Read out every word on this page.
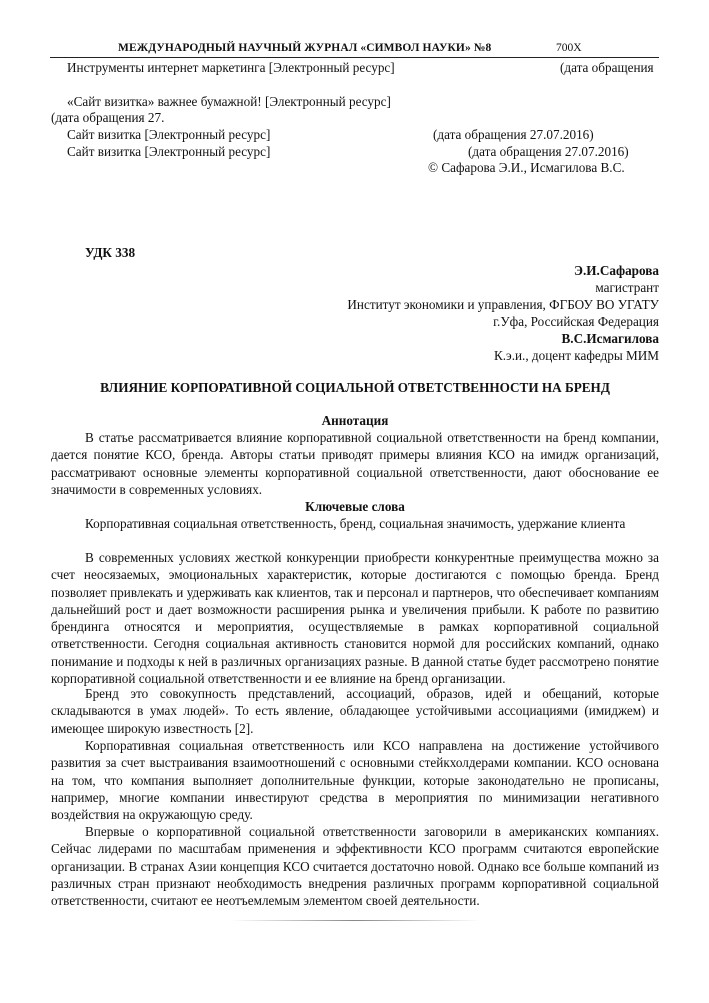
МЕЖДУНАРОДНЫЙ НАУЧНЫЙ ЖУРНАЛ «СИМВОЛ НАУКИ» №8	700X
Инструменты интернет маркетинга [Электронный ресурс]	(дата обращения
«Сайт визитка» важнее бумажной! [Электронный ресурс]
(дата обращения 27.
Сайт визитка [Электронный ресурс]	(дата обращения 27.07.2016)
Сайт визитка [Электронный ресурс]	(дата обращения 27.07.2016)
© Сафарова Э.И., Исмагилова В.С.
УДК 338
Э.И.Сафарова
магистрант
Институт экономики и управления, ФГБОУ ВО УГАТУ
г.Уфа, Российская Федерация
В.С.Исмагилова
К.э.и., доцент кафедры МИМ
ВЛИЯНИЕ КОРПОРАТИВНОЙ СОЦИАЛЬНОЙ ОТВЕТСТВЕННОСТИ НА БРЕНД
Аннотация

В статье рассматривается влияние корпоративной социальной ответственности на бренд компании, дается понятие КСО, бренда. Авторы статьи приводят примеры влияния КСО на имидж организаций, рассматривают основные элементы корпоративной социальной ответственности, дают обоснование ее значимости в современных условиях.

Ключевые слова
Корпоративная социальная ответственность, бренд, социальная значимость, удержание клиента

В современных условиях жесткой конкуренции приобрести конкурентные преимущества можно за счет неосязаемых, эмоциональных характеристик, которые достигаются с помощью бренда. Бренд позволяет привлекать и удерживать как клиентов, так и персонал и партнеров, что обеспечивает компаниям дальнейший рост и дает возможности расширения рынка и увеличения прибыли. К работе по развитию брендинга относятся и мероприятия, осуществляемые в рамках корпоративной социальной ответственности. Сегодня социальная активность становится нормой для российских компаний, однако понимание и подходы к ней в различных организациях разные. В данной статье будет рассмотрено понятие корпоративной социальной ответственности и ее влияние на бренд организации.

Бренд это совокупность представлений, ассоциаций, образов, идей и обещаний, которые складываются в умах людей». То есть явление, обладающее устойчивыми ассоциациями (имиджем) и имеющее широкую известность [2].

Корпоративная социальная ответственность или КСО направлена на достижение устойчивого развития за счет выстраивания взаимоотношений с основными стейкхолдерами компании. КСО основана на том, что компания выполняет дополнительные функции, которые законодательно не прописаны, например, многие компании инвестируют средства в мероприятия по минимизации негативного воздействия на окружающую среду.

Впервые о корпоративной социальной ответственности заговорили в американских компаниях. Сейчас лидерами по масштабам применения и эффективности КСО программ считаются европейские организации. В странах Азии концепция КСО считается достаточно новой. Однако все больше компаний из различных стран признают необходимость внедрения различных программ корпоративной социальной ответственности, считают ее неотъемлемым элементом своей деятельности.
